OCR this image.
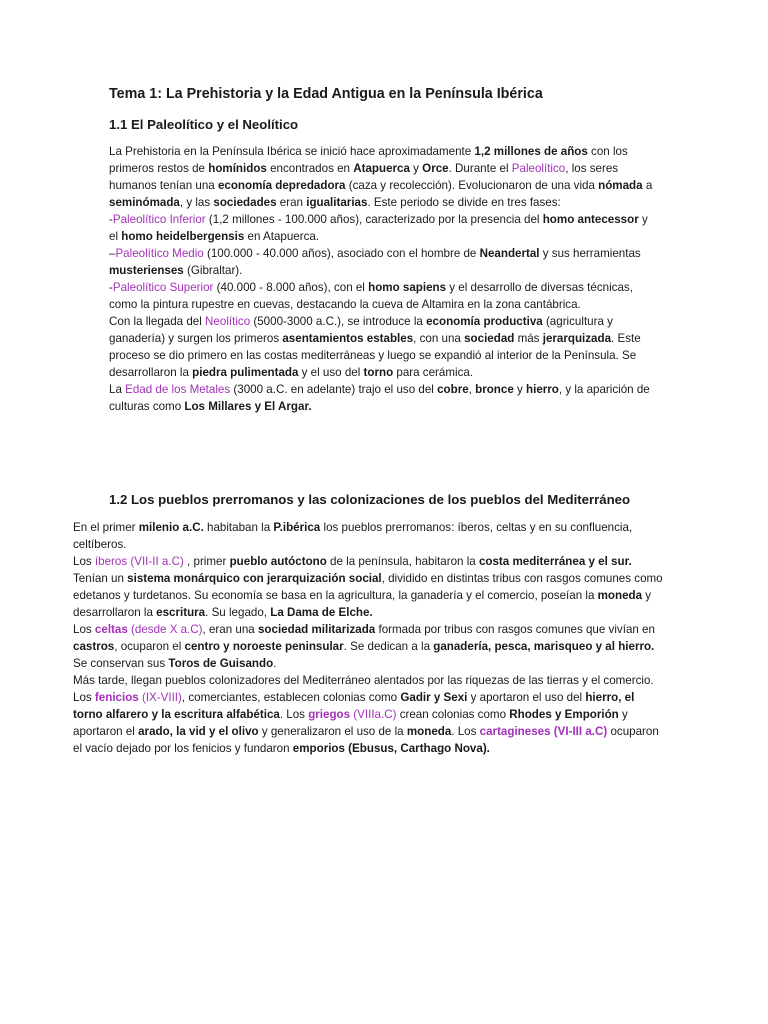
Tema 1: La Prehistoria y la Edad Antigua en la Península Ibérica
1.1 El Paleolítico y el Neolítico

La Prehistoria en la Península Ibérica se inició hace aproximadamente 1,2 millones de años con los primeros restos de homínidos encontrados en Atapuerca y Orce. Durante el Paleolítico, los seres humanos tenían una economía depredadora (caza y recolección). Evolucionaron de una vida nómada a seminómada, y las sociedades eran igualitarias. Este periodo se divide en tres fases:

-Paleolítico Inferior (1,2 millones - 100.000 años), caracterizado por la presencia del homo antecessor y el homo heidelbergensis en Atapuerca.

–Paleolítico Medio (100.000 - 40.000 años), asociado con el hombre de Neandertal y sus herramientas musterienses (Gibraltar).

-Paleolítico Superior (40.000 - 8.000 años), con el homo sapiens y el desarrollo de diversas técnicas, como la pintura rupestre en cuevas, destacando la cueva de Altamira en la zona cantábrica.

Con la llegada del Neolítico (5000-3000 a.C.), se introduce la economía productiva (agricultura y ganadería) y surgen los primeros asentamientos estables, con una sociedad más jerarquizada. Este proceso se dio primero en las costas mediterráneas y luego se expandió al interior de la Península. Se desarrollaron la piedra pulimentada y el uso del torno para cerámica.

La Edad de los Metales (3000 a.C. en adelante) trajo el uso del cobre, bronce y hierro, y la aparición de culturas como Los Millares y El Argar.

1.2 Los pueblos prerromanos y las colonizaciones de los pueblos del Mediterráneo

En el primer milenio a.C. habitaban la P.ibérica los pueblos prerromanos: íberos, celtas y en su confluencia, celtíberos.

Los íberos (VII-II a.C) , primer pueblo autóctono de la península, habitaron la costa mediterránea y el sur. Tenían un sistema monárquico con jerarquización social, dividido en distintas tribus con rasgos comunes como edetanos y turdetanos. Su economía se basa en la agricultura, la ganadería y el comercio, poseían la moneda y desarrollaron la escritura. Su legado, La Dama de Elche.

Los celtas (desde X a.C), eran una sociedad militarizada formada por tribus con rasgos comunes que vivían en castros, ocuparon el centro y noroeste peninsular. Se dedican a la ganadería, pesca, marisqueo y al hierro. Se conservan sus Toros de Guisando.

Más tarde, llegan pueblos colonizadores del Mediterráneo alentados por las riquezas de las tierras y el comercio. Los fenicios (IX-VIII), comerciantes, establecen colonias como Gadir y Sexi y aportaron el uso del hierro, el torno alfarero y la escritura alfabética. Los griegos (VIIIa.C) crean colonias como Rhodes y Emporión y aportaron el arado, la vid y el olivo y generalizaron el uso de la moneda. Los cartagineses (VI-III a.C) ocuparon el vacío dejado por los fenicios y fundaron emporios (Ebusus, Carthago Nova).
